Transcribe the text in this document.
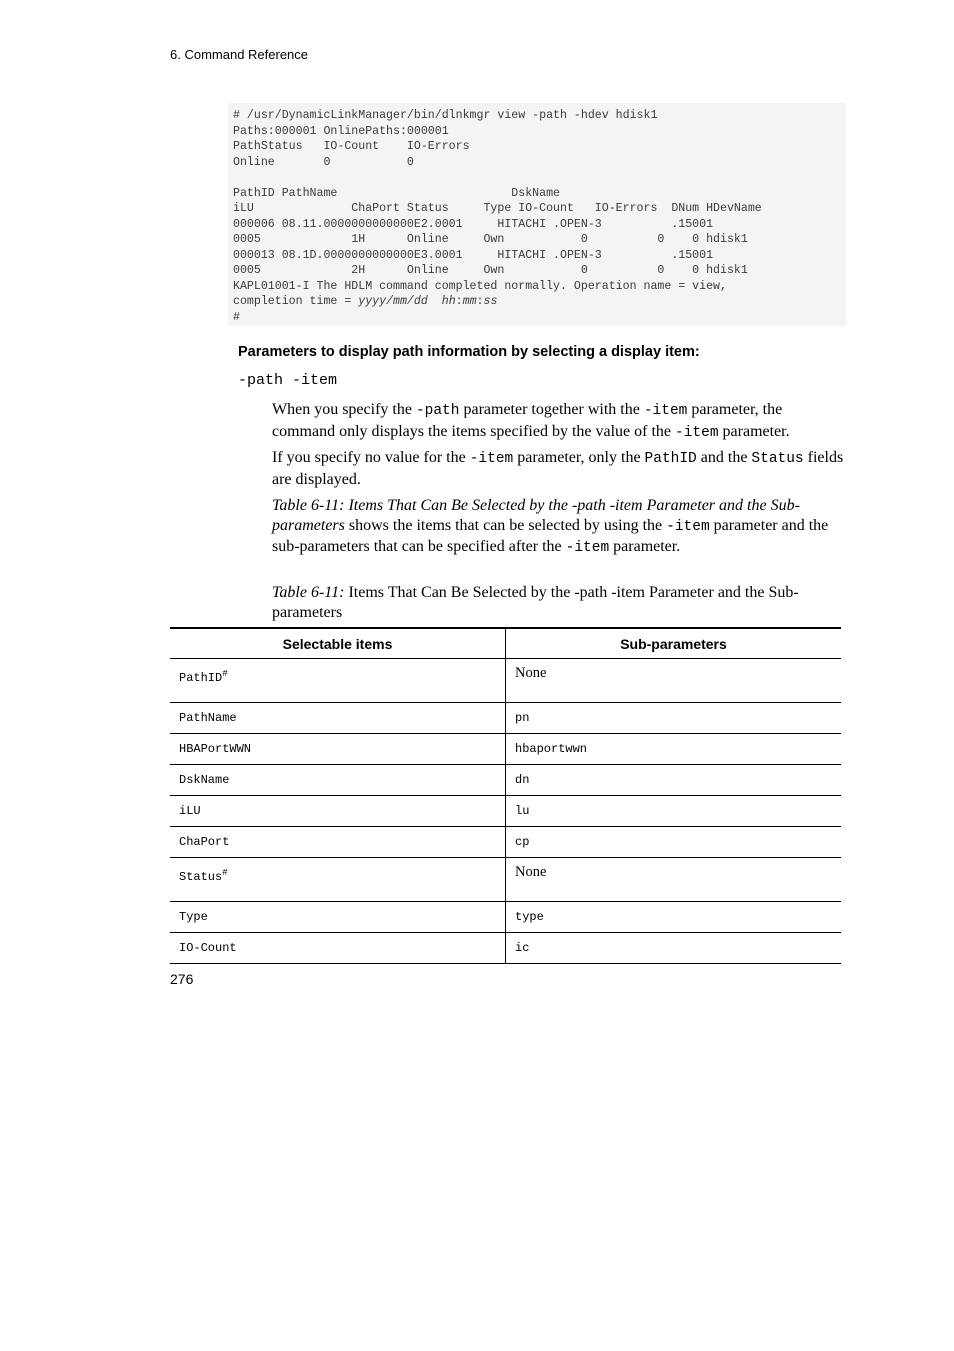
6. Command Reference
# /usr/DynamicLinkManager/bin/dlnkmgr view -path -hdev hdisk1
Paths:000001 OnlinePaths:000001
PathStatus   IO-Count    IO-Errors
Online       0           0

PathID PathName                         DskName
iLU              ChaPort Status     Type IO-Count   IO-Errors  DNum HDevName
000006 08.11.0000000000000E2.0001     HITACHI .OPEN-3          .15001
0005             1H      Online     Own           0          0    0 hdisk1
000013 08.1D.0000000000000E3.0001     HITACHI .OPEN-3          .15001
0005             2H      Online     Own           0          0    0 hdisk1
KAPL01001-I The HDLM command completed normally. Operation name = view,
completion time = yyyy/mm/dd hh:mm:ss
#
Parameters to display path information by selecting a display item:
-path -item

When you specify the -path parameter together with the -item parameter, the command only displays the items specified by the value of the -item parameter.

If you specify no value for the -item parameter, only the PathID and the Status fields are displayed.

Table 6-11: Items That Can Be Selected by the -path -item Parameter and the Sub-parameters shows the items that can be selected by using the -item parameter and the sub-parameters that can be specified after the -item parameter.

Table 6-11: Items That Can Be Selected by the -path -item Parameter and the Sub-parameters

Selectable items	Sub-parameters
PathID#	None
PathName	pn
HBAPortWWN	hbaportwwn
DskName	dn
iLU	lu
ChaPort	cp
Status#	None
Type	type
IO-Count	ic
276
